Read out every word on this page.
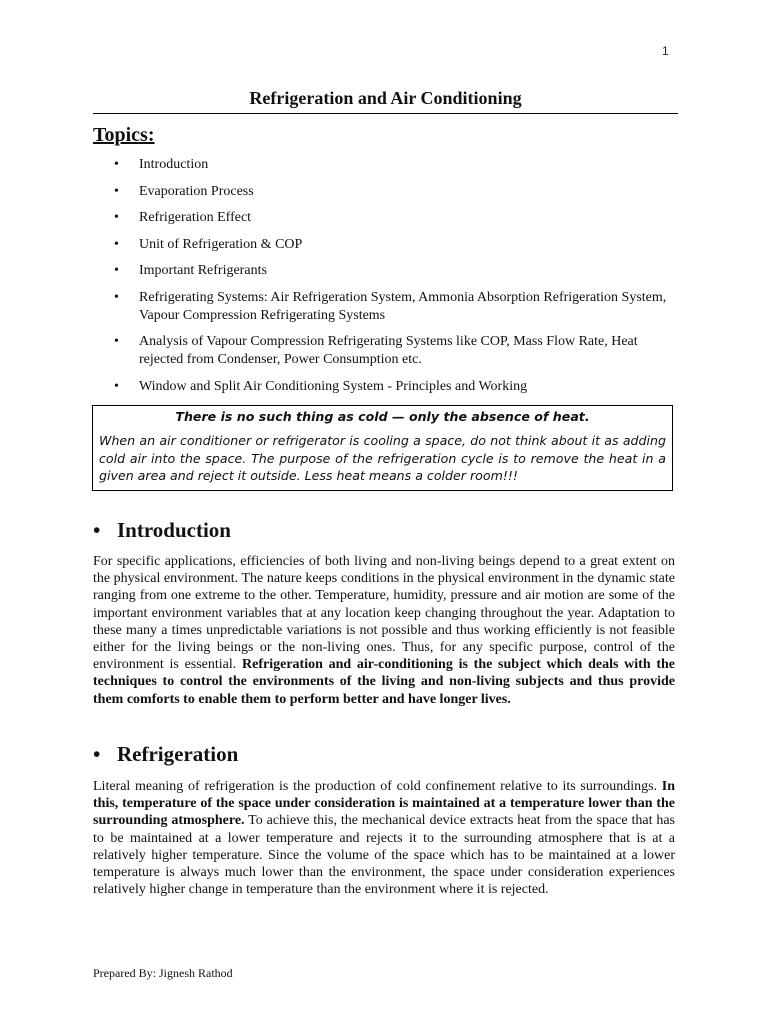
1
Refrigeration and Air Conditioning
Topics:
• Introduction
• Evaporation Process
• Refrigeration Effect
• Unit of Refrigeration & COP
• Important Refrigerants
• Refrigerating Systems: Air Refrigeration System, Ammonia Absorption Refrigeration System, Vapour Compression Refrigerating Systems
• Analysis of Vapour Compression Refrigerating Systems like COP, Mass Flow Rate, Heat rejected from Condenser, Power Consumption etc.
• Window and Split Air Conditioning System - Principles and Working
There is no such thing as cold — only the absence of heat.
When an air conditioner or refrigerator is cooling a space, do not think about it as adding cold air into the space. The purpose of the refrigeration cycle is to remove the heat in a given area and reject it outside. Less heat means a colder room!!!
• Introduction

For specific applications, efficiencies of both living and non-living beings depend to a great extent on the physical environment. The nature keeps conditions in the physical environment in the dynamic state ranging from one extreme to the other. Temperature, humidity, pressure and air motion are some of the important environment variables that at any location keep changing throughout the year. Adaptation to these many a times unpredictable variations is not possible and thus working efficiently is not feasible either for the living beings or the non-living ones. Thus, for any specific purpose, control of the environment is essential. Refrigeration and air-conditioning is the subject which deals with the techniques to control the environments of the living and non-living subjects and thus provide them comforts to enable them to perform better and have longer lives.

• Refrigeration

Literal meaning of refrigeration is the production of cold confinement relative to its surroundings. In this, temperature of the space under consideration is maintained at a temperature lower than the surrounding atmosphere. To achieve this, the mechanical device extracts heat from the space that has to be maintained at a lower temperature and rejects it to the surrounding atmosphere that is at a relatively higher temperature. Since the volume of the space which has to be maintained at a lower temperature is always much lower than the environment, the space under consideration experiences relatively higher change in temperature than the environment where it is rejected.

Prepared By: Jignesh Rathod
